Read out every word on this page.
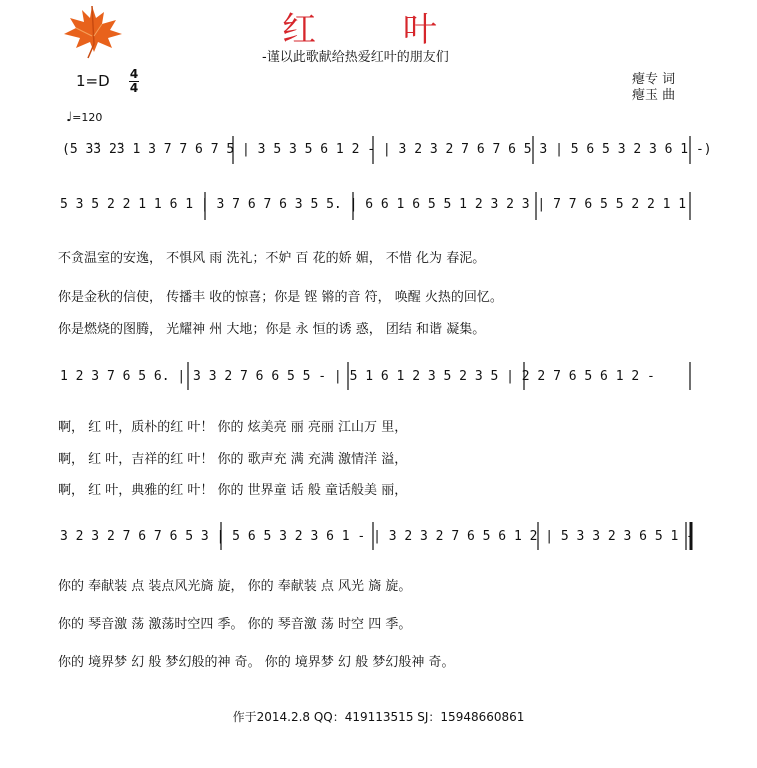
红 叶
-谨以此歌献给热爱红叶的朋友们
1=D 4
4
瘪专 词
瘪玉 曲
♩=120
(5 3̃3 2̃3 1 3 7 7 6 7 5 | 3 5 3 5 6 1 2 - | 3 2 3 2 7 6 7 6 5 3 | 5 6 5 3 2 3 6 1 -)
5 3 5 2 2 1 1 6 1 | 3 7 6 7 6 3 5 5. | 6 6 1 6 5 5 1 2 3 2 3 | 7 7 6 5 5 2 2 1 1
1 2 3 7 6 5 6. | 3 3 2 7 6 6 5 5 - | 5 1 6 1 2 3 5 2 3 5 | 2 2 7 6 5 6 1 2 -
3 2 3 2 7 6 7 6 5 3 | 5 6 5 3 2 3 6 1 - | 3 2 3 2 7 6 5 6 1 2 | 5 3 3 2 3 6 5 1 -
不贪温室的安逸， 不惧风 雨 洗礼；不妒 百 花的娇 媚， 不惜 化为 春泥。
你是金秋的信使， 传播丰 收的惊喜；你是 铿 锵的音 符， 唤醒 火热的回忆。
你是燃烧的图腾， 光耀神 州 大地；你是 永 恒的诱 惑， 团结 和谐 凝集。
啊， 红 叶，质朴的红 叶！ 你的 炫美亮 丽 亮丽 江山万 里，
啊， 红 叶，吉祥的红 叶！ 你的 歌声充 满 充满 激情洋 溢，
啊， 红 叶，典雅的红 叶！ 你的 世界童 话 般 童话般美 丽，
你的 奉献装 点 装点风光旖 旋， 你的 奉献装 点 风光 旖 旋。
你的 琴音激 荡 激荡时空四 季。 你的 琴音激 荡 时空 四 季。
你的 境界梦 幻 般 梦幻般的神 奇。 你的 境界梦 幻 般 梦幻般神 奇。
作于2014.2.8 QQ：419113515 SJ：15948660861
